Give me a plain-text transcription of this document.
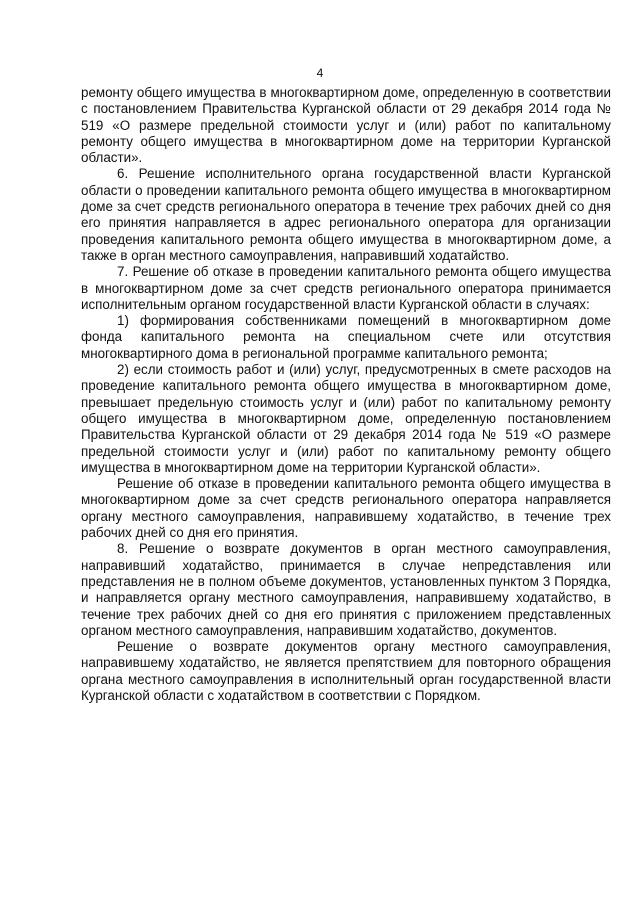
4

ремонту общего имущества в многоквартирном доме, определенную в соответствии с постановлением Правительства Курганской области от 29 декабря 2014 года № 519 «О размере предельной стоимости услуг и (или) работ по капитальному ремонту общего имущества в многоквартирном доме на территории Курганской области».

6. Решение исполнительного органа государственной власти Курганской области о проведении капитального ремонта общего имущества в многоквартирном доме за счет средств регионального оператора в течение трех рабочих дней со дня его принятия направляется в адрес регионального оператора для организации проведения капитального ремонта общего имущества в многоквартирном доме, а также в орган местного самоуправления, направивший ходатайство.

7. Решение об отказе в проведении капитального ремонта общего имущества в многоквартирном доме за счет средств регионального оператора принимается исполнительным органом государственной власти Курганской области в случаях:

1) формирования собственниками помещений в многоквартирном доме фонда капитального ремонта на специальном счете или отсутствия многоквартирного дома в региональной программе капитального ремонта;

2) если стоимость работ и (или) услуг, предусмотренных в смете расходов на проведение капитального ремонта общего имущества в многоквартирном доме, превышает предельную стоимость услуг и (или) работ по капитальному ремонту общего имущества в многоквартирном доме, определенную постановлением Правительства Курганской области от 29 декабря 2014 года № 519 «О размере предельной стоимости услуг и (или) работ по капитальному ремонту общего имущества в многоквартирном доме на территории Курганской области».

Решение об отказе в проведении капитального ремонта общего имущества в многоквартирном доме за счет средств регионального оператора направляется органу местного самоуправления, направившему ходатайство, в течение трех рабочих дней со дня его принятия.

8. Решение о возврате документов в орган местного самоуправления, направивший ходатайство, принимается в случае непредставления или представления не в полном объеме документов, установленных пунктом 3 Порядка, и направляется органу местного самоуправления, направившему ходатайство, в течение трех рабочих дней со дня его принятия с приложением представленных органом местного самоуправления, направившим ходатайство, документов.

Решение о возврате документов органу местного самоуправления, направившему ходатайство, не является препятствием для повторного обращения органа местного самоуправления в исполнительный орган государственной власти Курганской области с ходатайством в соответствии с Порядком.
